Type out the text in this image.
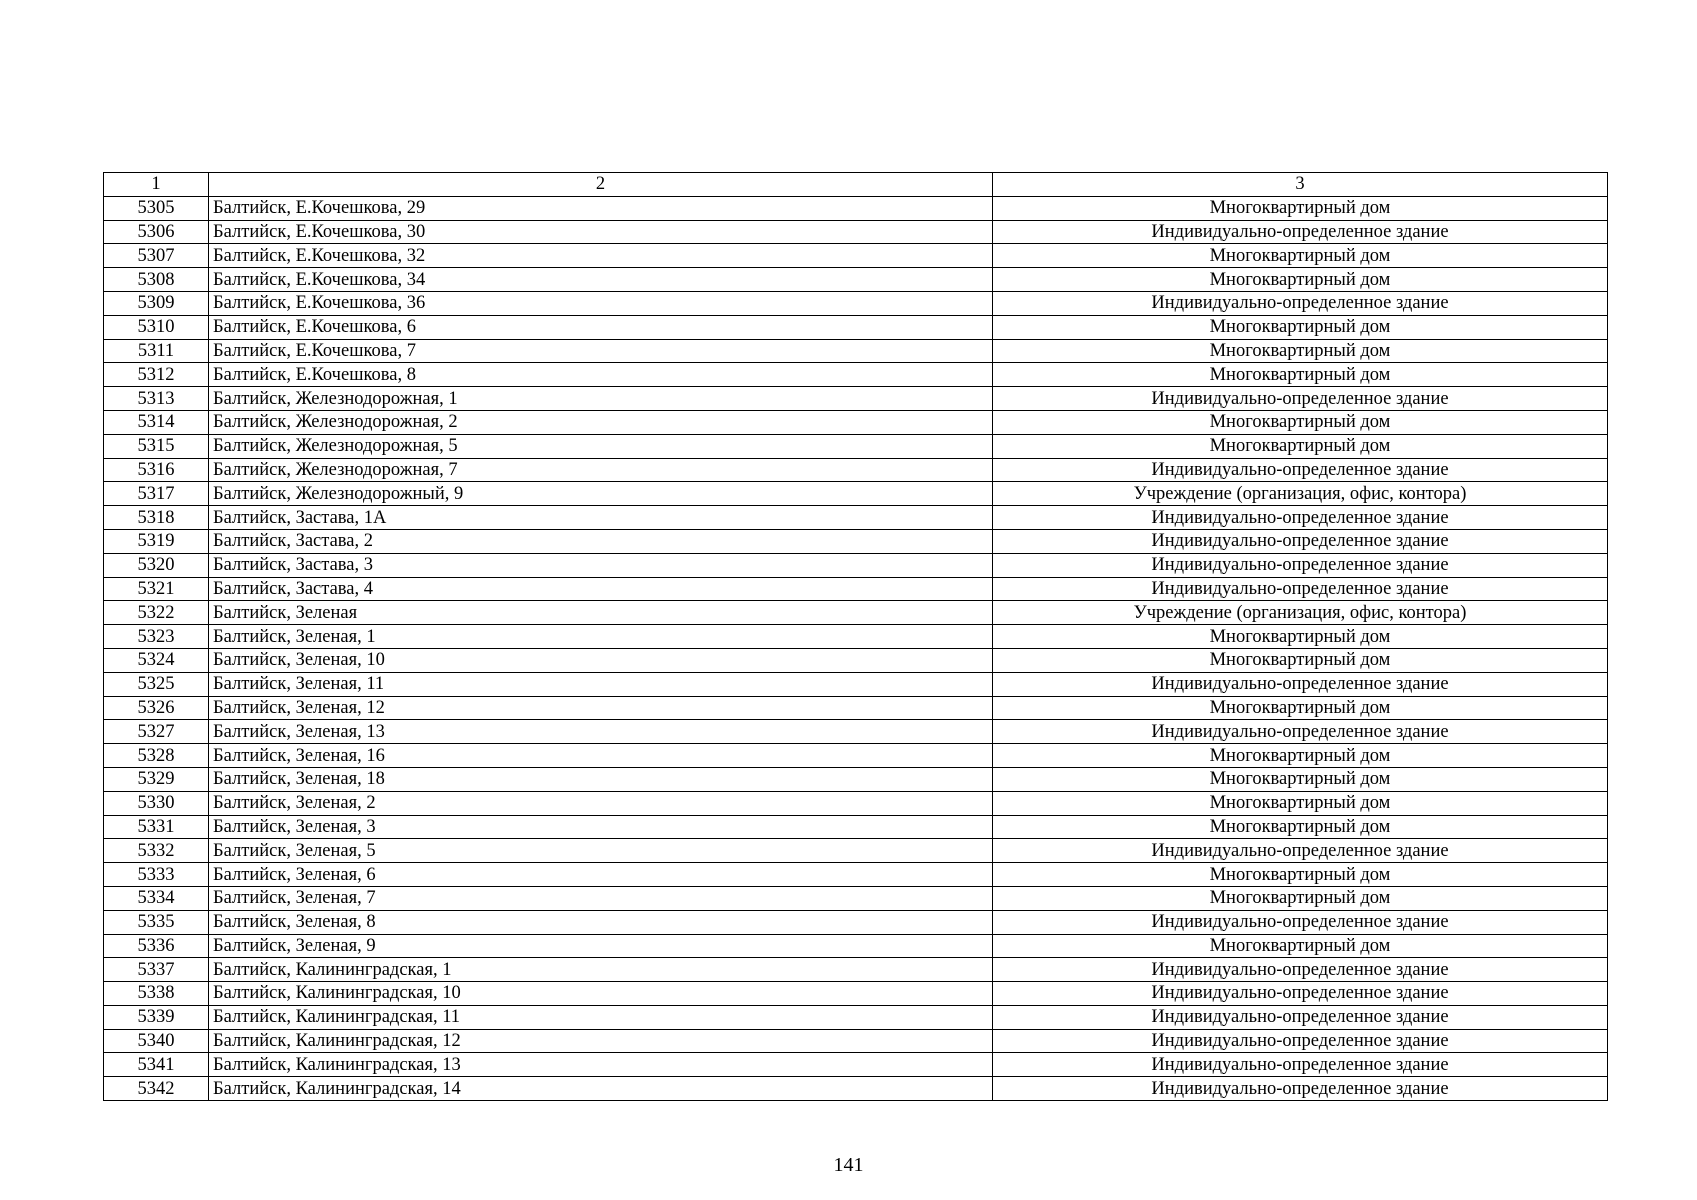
1	2	3
5305	Балтийск, Е.Кочешкова, 29	Многоквартирный дом
5306	Балтийск, Е.Кочешкова, 30	Индивидуально-определенное здание
5307	Балтийск, Е.Кочешкова, 32	Многоквартирный дом
5308	Балтийск, Е.Кочешкова, 34	Многоквартирный дом
5309	Балтийск, Е.Кочешкова, 36	Индивидуально-определенное здание
5310	Балтийск, Е.Кочешкова, 6	Многоквартирный дом
5311	Балтийск, Е.Кочешкова, 7	Многоквартирный дом
5312	Балтийск, Е.Кочешкова, 8	Многоквартирный дом
5313	Балтийск, Железнодорожная, 1	Индивидуально-определенное здание
5314	Балтийск, Железнодорожная, 2	Многоквартирный дом
5315	Балтийск, Железнодорожная, 5	Многоквартирный дом
5316	Балтийск, Железнодорожная, 7	Индивидуально-определенное здание
5317	Балтийск, Железнодорожный, 9	Учреждение (организация, офис, контора)
5318	Балтийск, Застава, 1А	Индивидуально-определенное здание
5319	Балтийск, Застава, 2	Индивидуально-определенное здание
5320	Балтийск, Застава, 3	Индивидуально-определенное здание
5321	Балтийск, Застава, 4	Индивидуально-определенное здание
5322	Балтийск, Зеленая	Учреждение (организация, офис, контора)
5323	Балтийск, Зеленая, 1	Многоквартирный дом
5324	Балтийск, Зеленая, 10	Многоквартирный дом
5325	Балтийск, Зеленая, 11	Индивидуально-определенное здание
5326	Балтийск, Зеленая, 12	Многоквартирный дом
5327	Балтийск, Зеленая, 13	Индивидуально-определенное здание
5328	Балтийск, Зеленая, 16	Многоквартирный дом
5329	Балтийск, Зеленая, 18	Многоквартирный дом
5330	Балтийск, Зеленая, 2	Многоквартирный дом
5331	Балтийск, Зеленая, 3	Многоквартирный дом
5332	Балтийск, Зеленая, 5	Индивидуально-определенное здание
5333	Балтийск, Зеленая, 6	Многоквартирный дом
5334	Балтийск, Зеленая, 7	Многоквартирный дом
5335	Балтийск, Зеленая, 8	Индивидуально-определенное здание
5336	Балтийск, Зеленая, 9	Многоквартирный дом
5337	Балтийск, Калининградская, 1	Индивидуально-определенное здание
5338	Балтийск, Калининградская, 10	Индивидуально-определенное здание
5339	Балтийск, Калининградская, 11	Индивидуально-определенное здание
5340	Балтийск, Калининградская, 12	Индивидуально-определенное здание
5341	Балтийск, Калининградская, 13	Индивидуально-определенное здание
5342	Балтийск, Калининградская, 14	Индивидуально-определенное здание
141
